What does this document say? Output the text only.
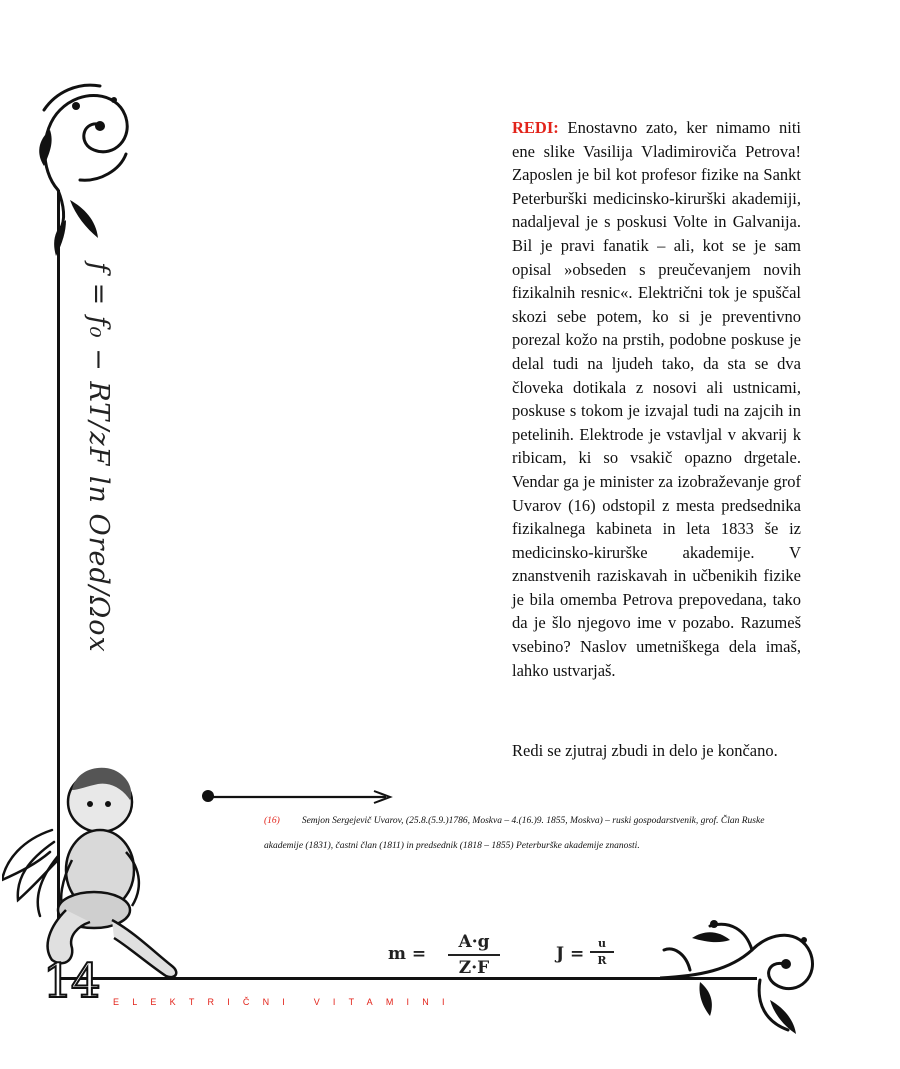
f = f₀ − RT/zF ln Ored/Ωox

REDI: Enostavno zato, ker nimamo niti ene slike Vasilija Vladimiroviča Petrova! Zaposlen je bil kot profesor fizike na Sankt Peterburški medicinsko-kirurški akademiji, nadaljeval je s poskusi Volte in Galvanija. Bil je pravi fanatik – ali, kot se je sam opisal »obseden s preučevanjem novih fizikalnih resnic«. Električni tok je spuščal skozi sebe potem, ko si je preventivno porezal kožo na prstih, podobne poskuse je delal tudi na ljudeh tako, da sta se dva človeka dotikala z nosovi ali ustnicami, poskuse s tokom je izvajal tudi na zajcih in petelinih. Elektrode je vstavljal v akvarij k ribicam, ki so vsakič opazno drgetale. Vendar ga je minister za izobraževanje grof Uvarov (16) odstopil z mesta predsednika fizikalnega kabineta in leta 1833 še iz medicinsko-kirurške akademije. V znanstvenih raziskavah in učbenikih fizike je bila omemba Petrova prepovedana, tako da je šlo njegovo ime v pozabo. Razumeš vsebino? Naslov umetniškega dela imaš, lahko ustvarjaš.

Redi se zjutraj zbudi in delo je končano.

(16) Semjon Sergejevič Uvarov, (25.8.(5.9.)1786, Moskva – 4.(16.)9. 1855, Moskva) – ruski gospodarstvenik, grof. Član Ruske akademije (1831), častni član (1811) in predsednik (1818 – 1855) Peterburške akademije znanosti.

m =
A·g
Z·F
J =
u
R
14 ELEKTRIČNI VITAMINI
